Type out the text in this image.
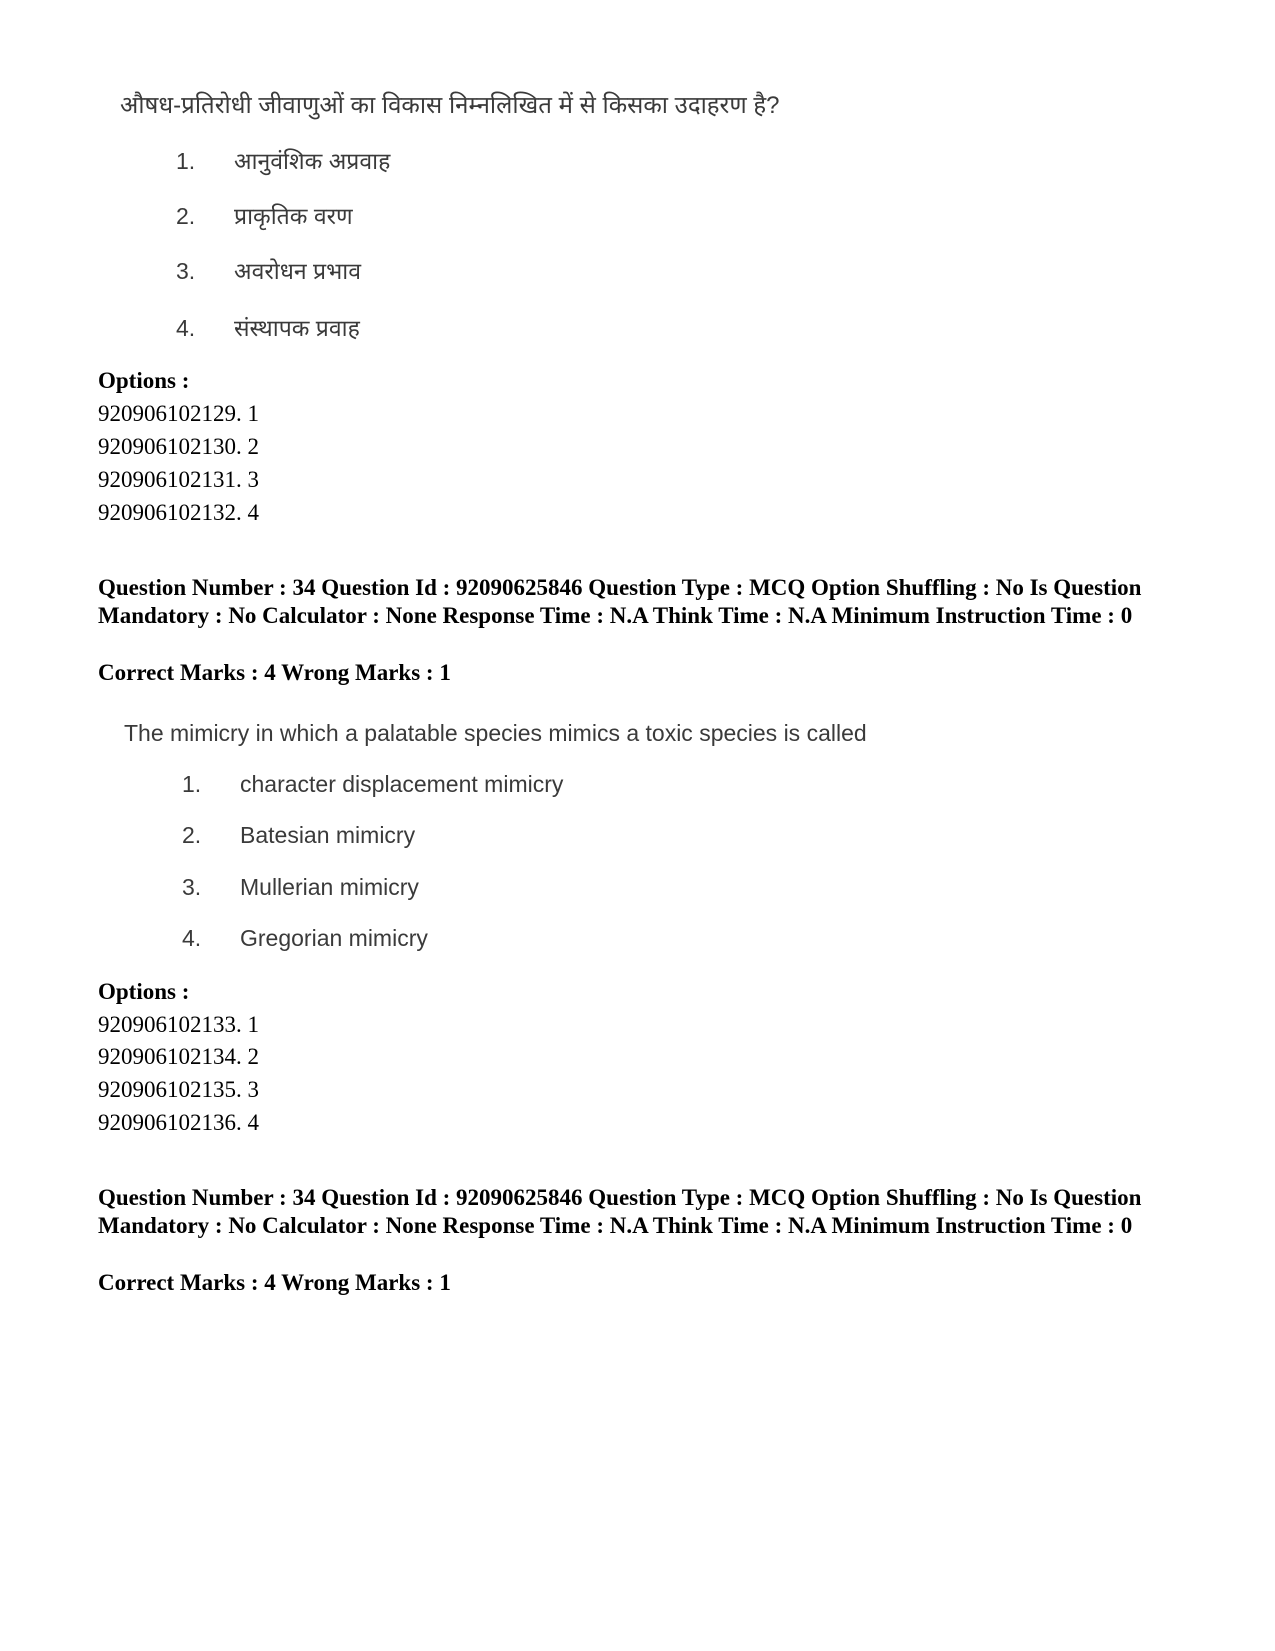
औषध-प्रतिरोधी जीवाणुओं का विकास निम्नलिखित में से किसका उदाहरण है?
1. आनुवंशिक अप्रवाह
2. प्राकृतिक वरण
3. अवरोधन प्रभाव
4. संस्थापक प्रवाह
Options :
920906102129. 1
920906102130. 2
920906102131. 3
920906102132. 4
Question Number : 34 Question Id : 92090625846 Question Type : MCQ Option Shuffling : No Is Question Mandatory : No Calculator : None Response Time : N.A Think Time : N.A Minimum Instruction Time : 0
Correct Marks : 4 Wrong Marks : 1
The mimicry in which a palatable species mimics a toxic species is called
1. character displacement mimicry
2. Batesian mimicry
3. Mullerian mimicry
4. Gregorian mimicry
Options :
920906102133. 1
920906102134. 2
920906102135. 3
920906102136. 4
Question Number : 34 Question Id : 92090625846 Question Type : MCQ Option Shuffling : No Is Question Mandatory : No Calculator : None Response Time : N.A Think Time : N.A Minimum Instruction Time : 0
Correct Marks : 4 Wrong Marks : 1
